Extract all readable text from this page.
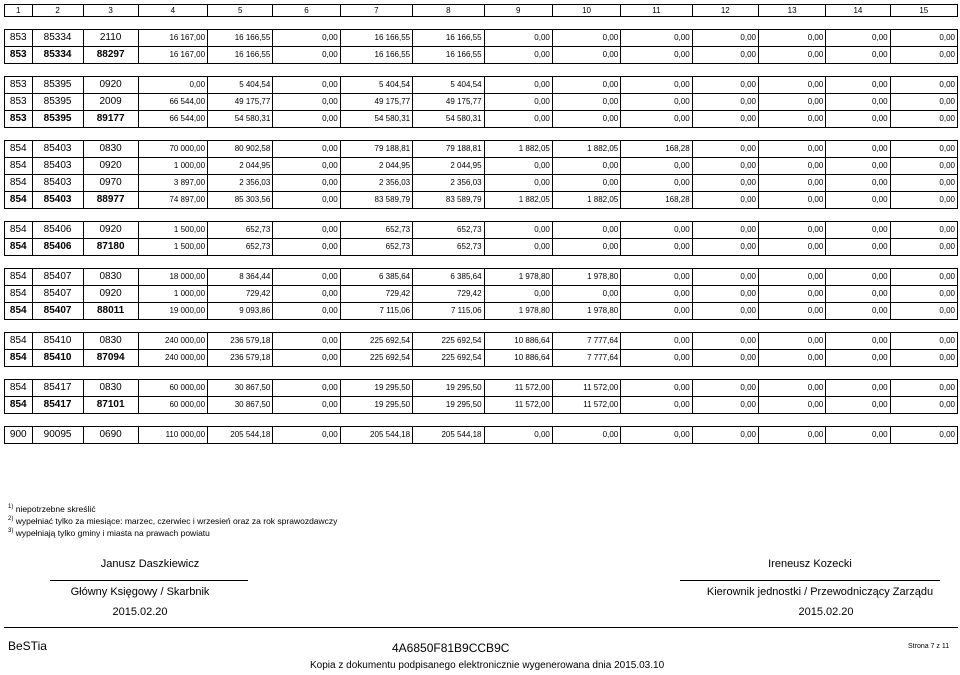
1	2	3	4	5	6	7	8	9	10	11	12	13	14	15

853	85334	2110	16 167,00	16 166,55	0,00	16 166,55	16 166,55	0,00	0,00	0,00	0,00	0,00	0,00	0,00
853	85334	88297	16 167,00	16 166,55	0,00	16 166,55	16 166,55	0,00	0,00	0,00	0,00	0,00	0,00	0,00

853	85395	0920	0,00	5 404,54	0,00	5 404,54	5 404,54	0,00	0,00	0,00	0,00	0,00	0,00	0,00
853	85395	2009	66 544,00	49 175,77	0,00	49 175,77	49 175,77	0,00	0,00	0,00	0,00	0,00	0,00	0,00
853	85395	89177	66 544,00	54 580,31	0,00	54 580,31	54 580,31	0,00	0,00	0,00	0,00	0,00	0,00	0,00

854	85403	0830	70 000,00	80 902,58	0,00	79 188,81	79 188,81	1 882,05	1 882,05	168,28	0,00	0,00	0,00	0,00
854	85403	0920	1 000,00	2 044,95	0,00	2 044,95	2 044,95	0,00	0,00	0,00	0,00	0,00	0,00	0,00
854	85403	0970	3 897,00	2 356,03	0,00	2 356,03	2 356,03	0,00	0,00	0,00	0,00	0,00	0,00	0,00
854	85403	88977	74 897,00	85 303,56	0,00	83 589,79	83 589,79	1 882,05	1 882,05	168,28	0,00	0,00	0,00	0,00

854	85406	0920	1 500,00	652,73	0,00	652,73	652,73	0,00	0,00	0,00	0,00	0,00	0,00	0,00
854	85406	87180	1 500,00	652,73	0,00	652,73	652,73	0,00	0,00	0,00	0,00	0,00	0,00	0,00

854	85407	0830	18 000,00	8 364,44	0,00	6 385,64	6 385,64	1 978,80	1 978,80	0,00	0,00	0,00	0,00	0,00
854	85407	0920	1 000,00	729,42	0,00	729,42	729,42	0,00	0,00	0,00	0,00	0,00	0,00	0,00
854	85407	88011	19 000,00	9 093,86	0,00	7 115,06	7 115,06	1 978,80	1 978,80	0,00	0,00	0,00	0,00	0,00

854	85410	0830	240 000,00	236 579,18	0,00	225 692,54	225 692,54	10 886,64	7 777,64	0,00	0,00	0,00	0,00	0,00
854	85410	87094	240 000,00	236 579,18	0,00	225 692,54	225 692,54	10 886,64	7 777,64	0,00	0,00	0,00	0,00	0,00

854	85417	0830	60 000,00	30 867,50	0,00	19 295,50	19 295,50	11 572,00	11 572,00	0,00	0,00	0,00	0,00	0,00
854	85417	87101	60 000,00	30 867,50	0,00	19 295,50	19 295,50	11 572,00	11 572,00	0,00	0,00	0,00	0,00	0,00

900	90095	0690	110 000,00	205 544,18	0,00	205 544,18	205 544,18	0,00	0,00	0,00	0,00	0,00	0,00	0,00
$^{1)}$ niepotrzebne skreślić
$^{2)}$ wypełniać tylko za miesiące: marzec, czerwiec i wrzesień oraz za rok sprawozdawczy
$^{3)}$ wypełniają tylko gminy i miasta na prawach powiatu
Janusz Daszkiewicz
Główny Księgowy / Skarbnik
2015.02.20
Ireneusz Kozecki
Kierownik jednostki / Przewodniczący Zarządu
2015.02.20
BeSTia	4A6850F81B9CCB9C	Strona 7 z 11
Kopia z dokumentu podpisanego elektronicznie wygenerowana dnia 2015.03.10
